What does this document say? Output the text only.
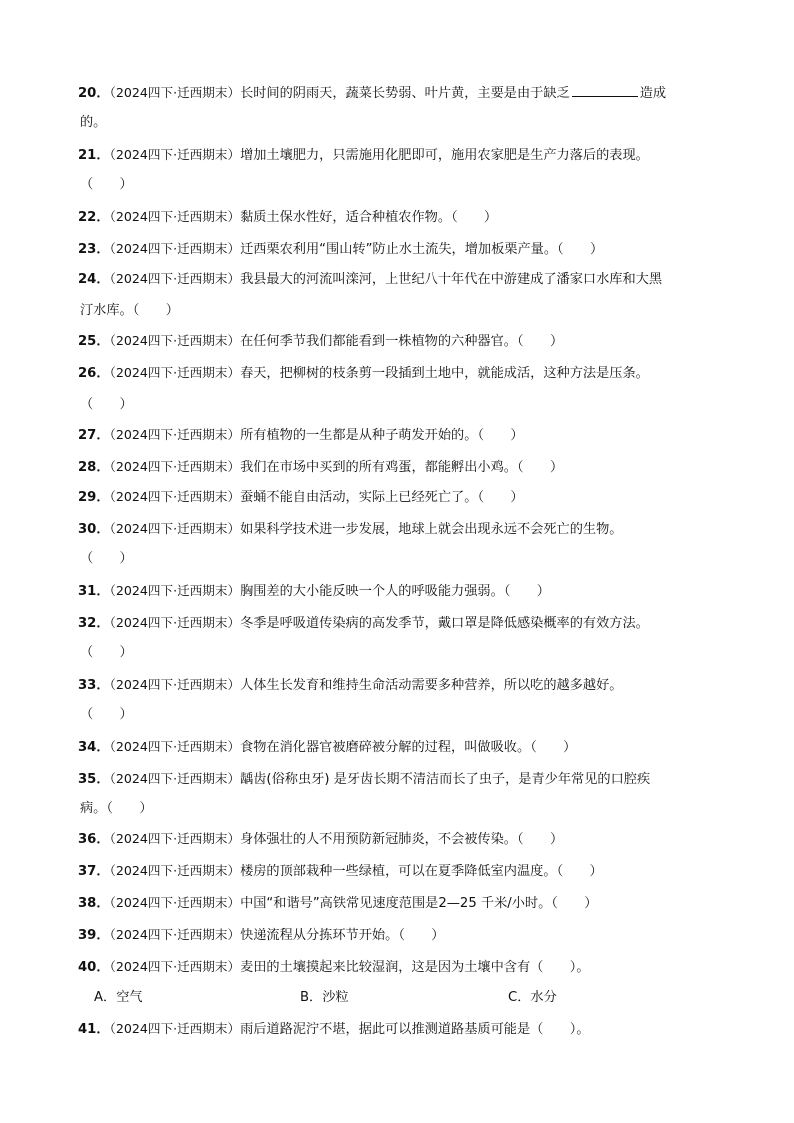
20．（2024四下·迁西期末）长时间的阴雨天，蔬菜长势弱、叶片黄，主要是由于缺乏	造成
的。
21．（2024四下·迁西期末）增加土壤肥力，只需施用化肥即可，施用农家肥是生产力落后的表现。
（　　）
22．（2024四下·迁西期末）黏质土保水性好，适合种植农作物。（　　）
23．（2024四下·迁西期末）迁西栗农利用“围山转”防止水土流失，增加板栗产量。（　　）
24．（2024四下·迁西期末）我县最大的河流叫滦河，上世纪八十年代在中游建成了潘家口水库和大黑
汀水库。（　　）
25．（2024四下·迁西期末）在任何季节我们都能看到一株植物的六种器官。（　　）
26．（2024四下·迁西期末）春天，把柳树的枝条剪一段插到土地中，就能成活，这种方法是压条。
（　　）
27．（2024四下·迁西期末）所有植物的一生都是从种子萌发开始的。（　　）
28．（2024四下·迁西期末）我们在市场中买到的所有鸡蛋，都能孵出小鸡。（　　）
29．（2024四下·迁西期末）蚕蛹不能自由活动，实际上已经死亡了。（　　）
30．（2024四下·迁西期末）如果科学技术进一步发展，地球上就会出现永远不会死亡的生物。
（　　）
31．（2024四下·迁西期末）胸围差的大小能反映一个人的呼吸能力强弱。（　　）
32．（2024四下·迁西期末）冬季是呼吸道传染病的高发季节，戴口罩是降低感染概率的有效方法。
（　　）
33．（2024四下·迁西期末）人体生长发育和维持生命活动需要多种营养，所以吃的越多越好。
（　　）
34．（2024四下·迁西期末）食物在消化器官被磨碎被分解的过程，叫做吸收。（　　）
35．（2024四下·迁西期末）龋齿(俗称虫牙) 是牙齿长期不清洁而长了虫子，是青少年常见的口腔疾
病。（　　）
36．（2024四下·迁西期末）身体强壮的人不用预防新冠肺炎，不会被传染。（　　）
37．（2024四下·迁西期末）楼房的顶部栽种一些绿植，可以在夏季降低室内温度。（　　）
38．（2024四下·迁西期末）中国“和谐号”高铁常见速度范围是2—25 千米/小时。（　　）
39．（2024四下·迁西期末）快递流程从分拣环节开始。（　　）
40．（2024四下·迁西期末）麦田的土壤摸起来比较湿润，这是因为土壤中含有（　　）。
A．空气	B．沙粒	C．水分
41．（2024四下·迁西期末）雨后道路泥泞不堪，据此可以推测道路基质可能是（　　）。
